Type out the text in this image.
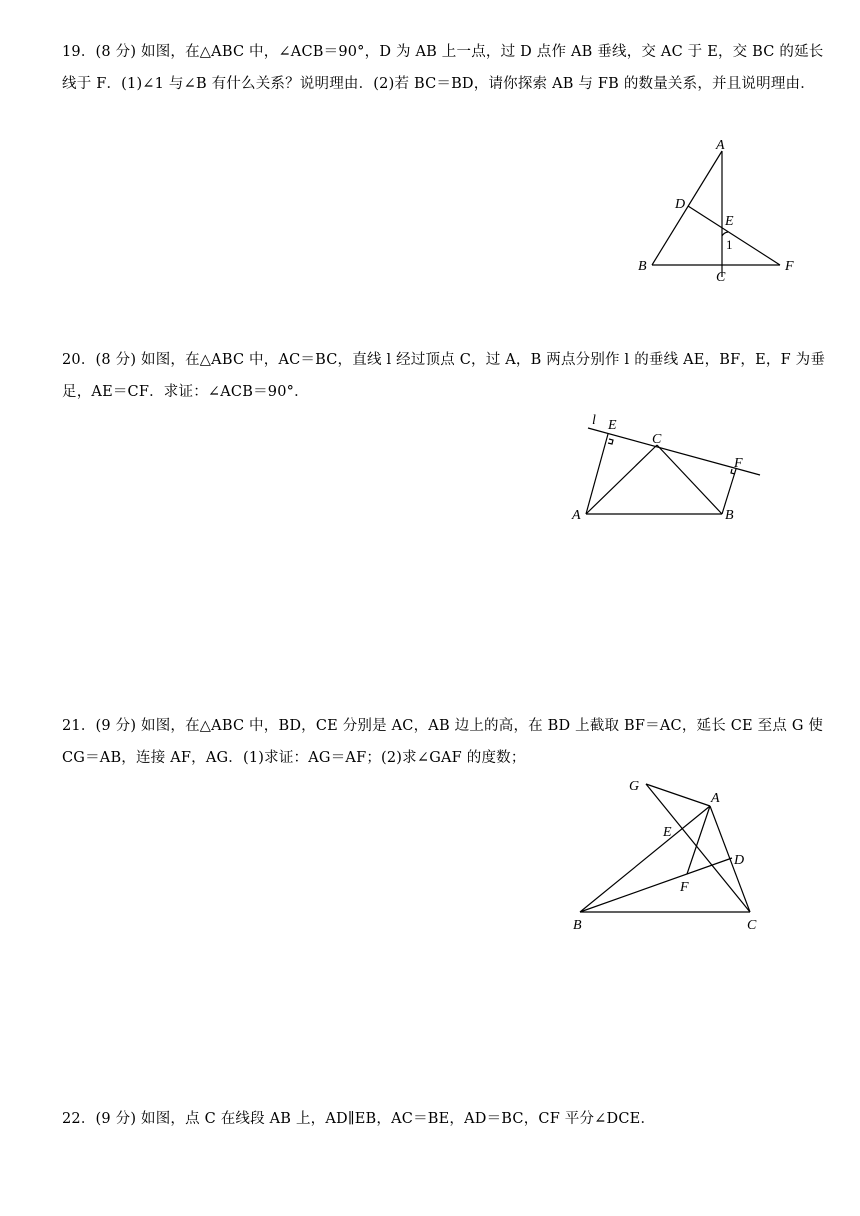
19．(8 分) 如图，在△ABC 中，∠ACB＝90°，D 为 AB 上一点，过 D 点作 AB 垂线，交 AC 于 E，交 BC 的延长
线于 F．(1)∠1 与∠B 有什么关系？说明理由．(2)若 BC＝BD，请你探索 AB 与 FB 的数量关系，并且说明理由．
A
B
C
D
E
F
1
20．(8 分) 如图，在△ABC 中，AC＝BC，直线 l 经过顶点 C，过 A，B 两点分别作 l 的垂线 AE，BF，E，F 为垂
足，AE＝CF．求证：∠ACB＝90°．
l E
C
F
A	B
21．(9 分) 如图，在△ABC 中，BD，CE 分别是 AC，AB 边上的高，在 BD 上截取 BF＝AC，延长 CE 至点 G 使
CG＝AB，连接 AF，AG．(1)求证：AG＝AF；(2)求∠GAF 的度数；
G
A
E
D
F
B	C
22．(9 分) 如图，点 C 在线段 AB 上，AD∥EB，AC＝BE，AD＝BC，CF 平分∠DCE．
